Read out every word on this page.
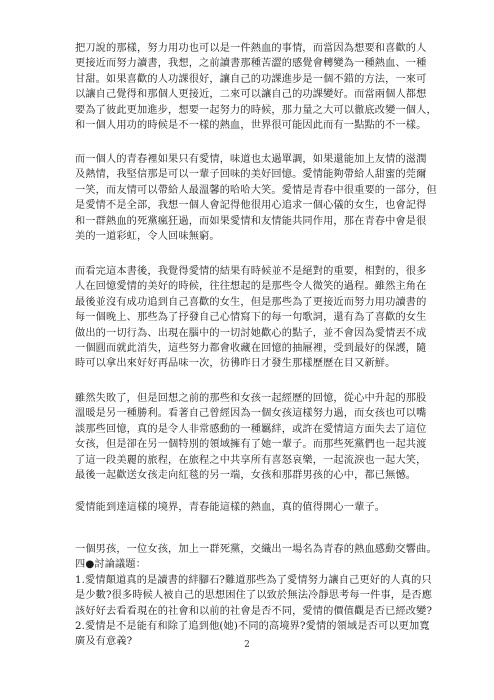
把刀說的那樣，努力用功也可以是一件熱血的事情，而當因為想要和喜歡的人
更接近而努力讀書，我想，之前讀書那種苦澀的感覺會轉變為一種熱血、一種
甘甜。如果喜歡的人功課很好，讓自己的功課進步是一個不錯的方法，一來可
以讓自己覺得和那個人更接近，二來可以讓自己的功課變好。而當兩個人都想
要為了彼此更加進步，想要一起努力的時候，那力量之大可以徹底改變一個人，
和一個人用功的時候是不一樣的熱血，世界很可能因此而有一點點的不一樣。
而一個人的青春裡如果只有愛情，味道也太過單調，如果還能加上友情的滋潤
及熱情，我堅信那是可以一輩子回味的美好回憶。愛情能夠帶給人甜蜜的莞爾
一笑，而友情可以帶給人最溫馨的哈哈大笑。愛情是青春中很重要的一部分，但
是愛情不是全部，我想一個人會記得他很用心追求一個心儀的女生，也會記得
和一群熱血的死黨瘋狂過，而如果愛情和友情能共同作用，那在青春中會是很
美的一道彩虹，令人回味無窮。
而看完這本書後，我覺得愛情的結果有時候並不是絕對的重要，相對的，很多
人在回憶愛情的美好的時候，往往想起的是那些令人微笑的過程。雖然主角在
最後並沒有成功追到自己喜歡的女生，但是那些為了更接近而努力用功讀書的
每一個晚上、那些為了抒發自己心情寫下的每一句歌詞，還有為了喜歡的女生
做出的一切行為、出現在腦中的一切討她歡心的點子，並不會因為愛情丟不成
一個圓而就此消失，這些努力都會收藏在回憶的抽屜裡，受到最好的保護，隨
時可以拿出來好好再品味一次，彷彿昨日才發生那樣歷歷在目又新鮮。
雖然失敗了，但是回想之前的那些和女孩一起經歷的回憶，從心中升起的那股
溫暖是另一種勝利。看著自己曾經因為一個女孩這樣努力過，而女孩也可以嘴
談那些回憶，真的是令人非常感動的一種羈絆，或許在愛情這方面失去了這位
女孩，但是卻在另一個特別的領域擁有了她一輩子。而那些死黨們也一起共渡
了這一段美麗的旅程，在旅程之中共享所有喜怒哀樂，一起流淚也一起大笑，
最後一起歡送女孩走向紅毯的另一端，女孩和那群男孩的心中，都已無憾。
愛情能到達這樣的境界，青春能這樣的熱血，真的值得開心一輩子。
一個男孩，一位女孩，加上一群死黨，交織出一場名為青春的熱血感動交響曲。
四●討論議題：
1.愛情顛道真的是讀書的絆腳石?難道那些為了愛情努力讓自己更好的人真的只
是少數?很多時候人被自己的思想困住了以致於無法冷靜思考每一件事，是否應
該好好去看看現在的社會和以前的社會是否不同，愛情的價值觀是否已經改變?
2.愛情是不是能有和除了追到他(她)不同的高境界?愛情的領域是否可以更加寬
廣及有意義?	2
